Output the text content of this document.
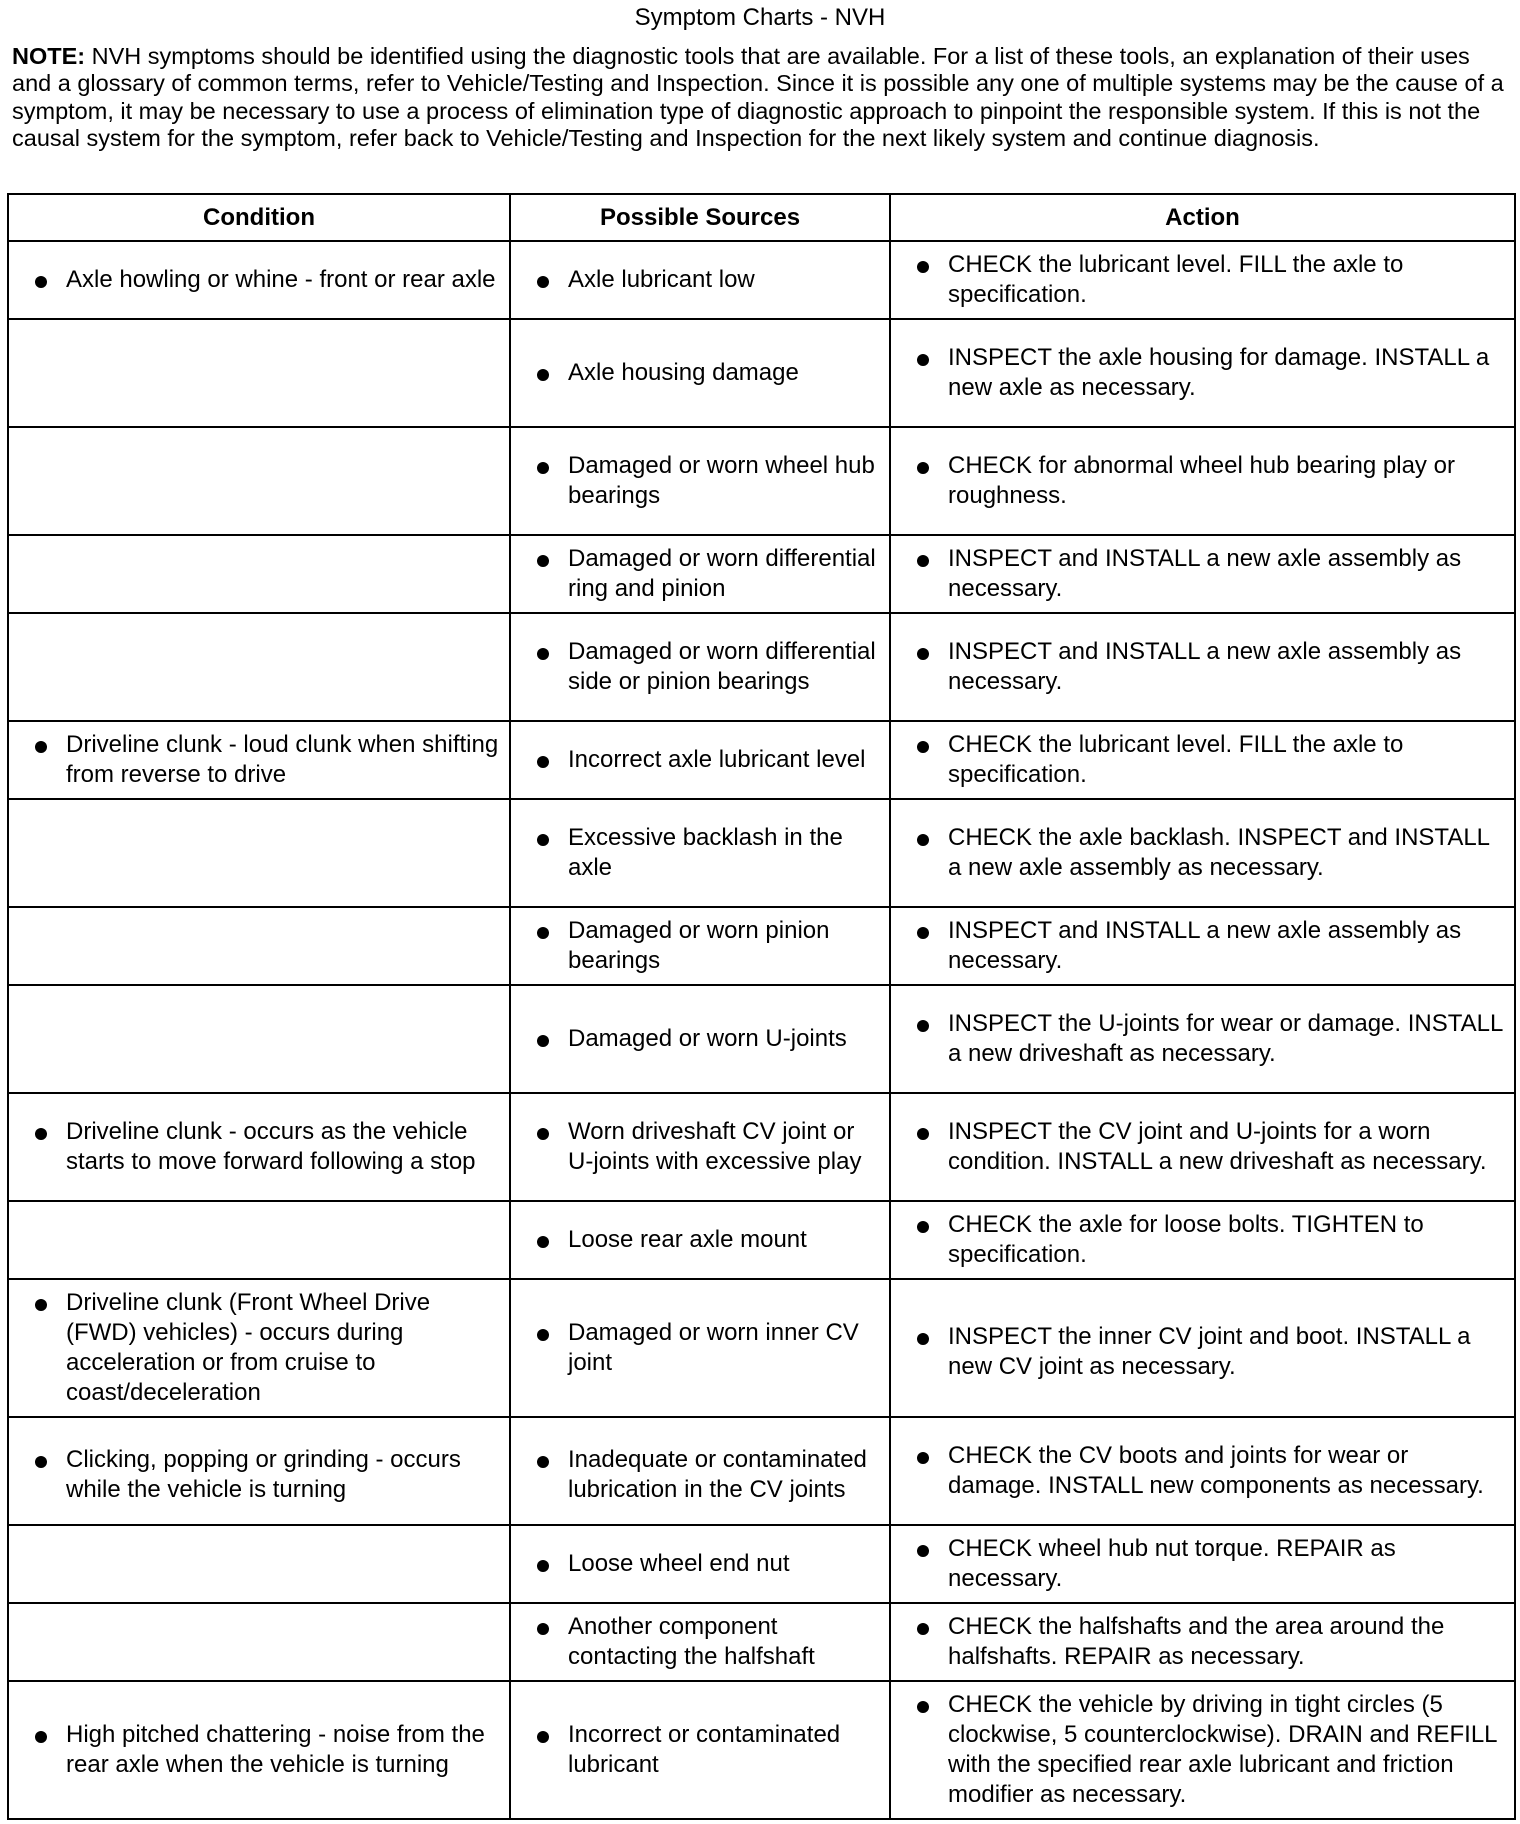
Symptom Charts - NVH
NOTE: NVH symptoms should be identified using the diagnostic tools that are available. For a list of these tools, an explanation of their uses and a glossary of common terms, refer to Vehicle/Testing and Inspection. Since it is possible any one of multiple systems may be the cause of a symptom, it may be necessary to use a process of elimination type of diagnostic approach to pinpoint the responsible system. If this is not the causal system for the symptom, refer back to Vehicle/Testing and Inspection for the next likely system and continue diagnosis.
Condition	Possible Sources	Action

Axle howling or whine - front or rear axle	Axle lubricant low	CHECK the lubricant level. FILL the axle to specification.

	Axle housing damage	INSPECT the axle housing for damage. INSTALL a new axle as necessary.

	Damaged or worn wheel hub bearings	CHECK for abnormal wheel hub bearing play or roughness.

	Damaged or worn differential ring and pinion	INSPECT and INSTALL a new axle assembly as necessary.

	Damaged or worn differential side or pinion bearings	INSPECT and INSTALL a new axle assembly as necessary.

Driveline clunk - loud clunk when shifting from reverse to drive	Incorrect axle lubricant level	CHECK the lubricant level. FILL the axle to specification.

	Excessive backlash in the axle	CHECK the axle backlash. INSPECT and INSTALL a new axle assembly as necessary.

	Damaged or worn pinion bearings	INSPECT and INSTALL a new axle assembly as necessary.

	Damaged or worn U-joints	INSPECT the U-joints for wear or damage. INSTALL a new driveshaft as necessary.

Driveline clunk - occurs as the vehicle starts to move forward following a stop	Worn driveshaft CV joint or U-joints with excessive play	INSPECT the CV joint and U-joints for a worn condition. INSTALL a new driveshaft as necessary.

	Loose rear axle mount	CHECK the axle for loose bolts. TIGHTEN to specification.

Driveline clunk (Front Wheel Drive (FWD) vehicles) - occurs during acceleration or from cruise to coast/deceleration	Damaged or worn inner CV joint	INSPECT the inner CV joint and boot. INSTALL a new CV joint as necessary.

Clicking, popping or grinding - occurs while the vehicle is turning	Inadequate or contaminated lubrication in the CV joints	CHECK the CV boots and joints for wear or damage. INSTALL new components as necessary.

	Loose wheel end nut	CHECK wheel hub nut torque. REPAIR as necessary.

	Another component contacting the halfshaft	CHECK the halfshafts and the area around the halfshafts. REPAIR as necessary.

High pitched chattering - noise from the rear axle when the vehicle is turning	Incorrect or contaminated lubricant	CHECK the vehicle by driving in tight circles (5 clockwise, 5 counterclockwise). DRAIN and REFILL with the specified rear axle lubricant and friction modifier as necessary.
